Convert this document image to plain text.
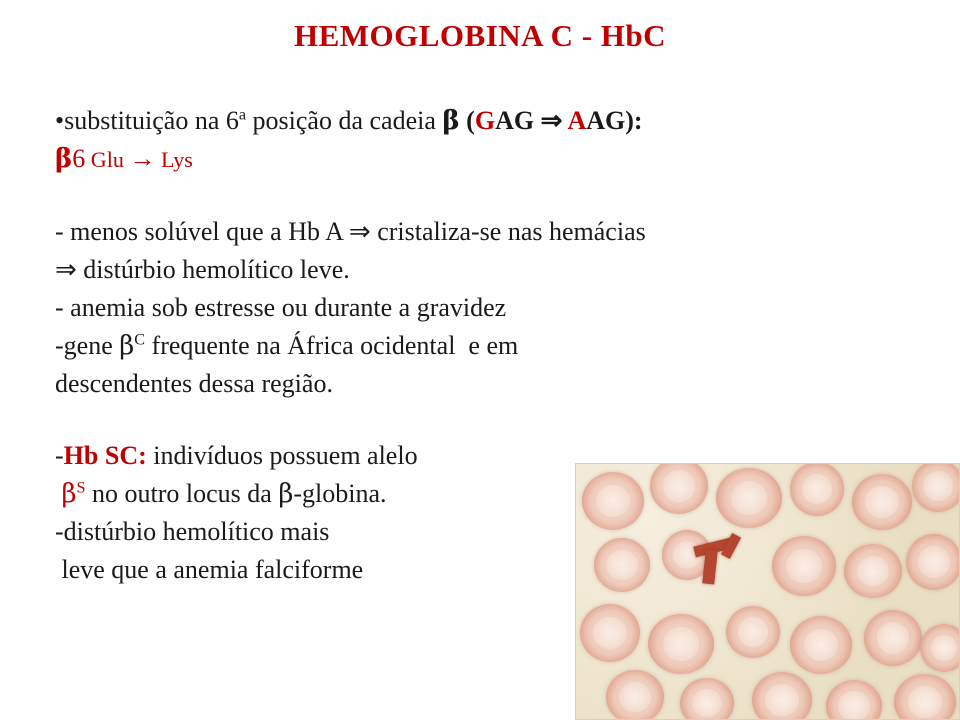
HEMOGLOBINA C - HbC
•substituição na 6$^a$ posição da cadeia β (GAG ⇒ AAG):
β6 Glu → Lys
- menos solúvel que a Hb A ⇒ cristaliza-se nas hemácias
⇒ distúrbio hemolítico leve.
- anemia sob estresse ou durante a gravidez
-gene $\beta^C$ frequente na África ocidental  e em
descendentes dessa região.
-Hb SC: indivíduos possuem alelo
$\beta^S$ no outro locus da β-globina.
-distúrbio hemolítico mais
leve que a anemia falciforme
